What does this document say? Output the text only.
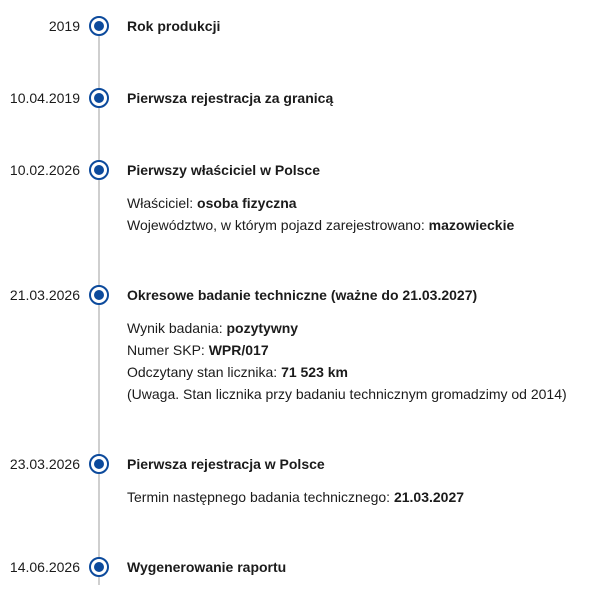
2019	Rok produkcji
10.04.2019	Pierwsza rejestracja za granicą
10.02.2026	Pierwszy właściciel w Polsce
Właściciel: osoba fizyczna
Województwo, w którym pojazd zarejestrowano: mazowieckie
21.03.2026	Okresowe badanie techniczne (ważne do 21.03.2027)
Wynik badania: pozytywny
Numer SKP: WPR/017
Odczytany stan licznika: 71 523 km
(Uwaga. Stan licznika przy badaniu technicznym gromadzimy od 2014)
23.03.2026	Pierwsza rejestracja w Polsce
Termin następnego badania technicznego: 21.03.2027
14.06.2026	Wygenerowanie raportu
